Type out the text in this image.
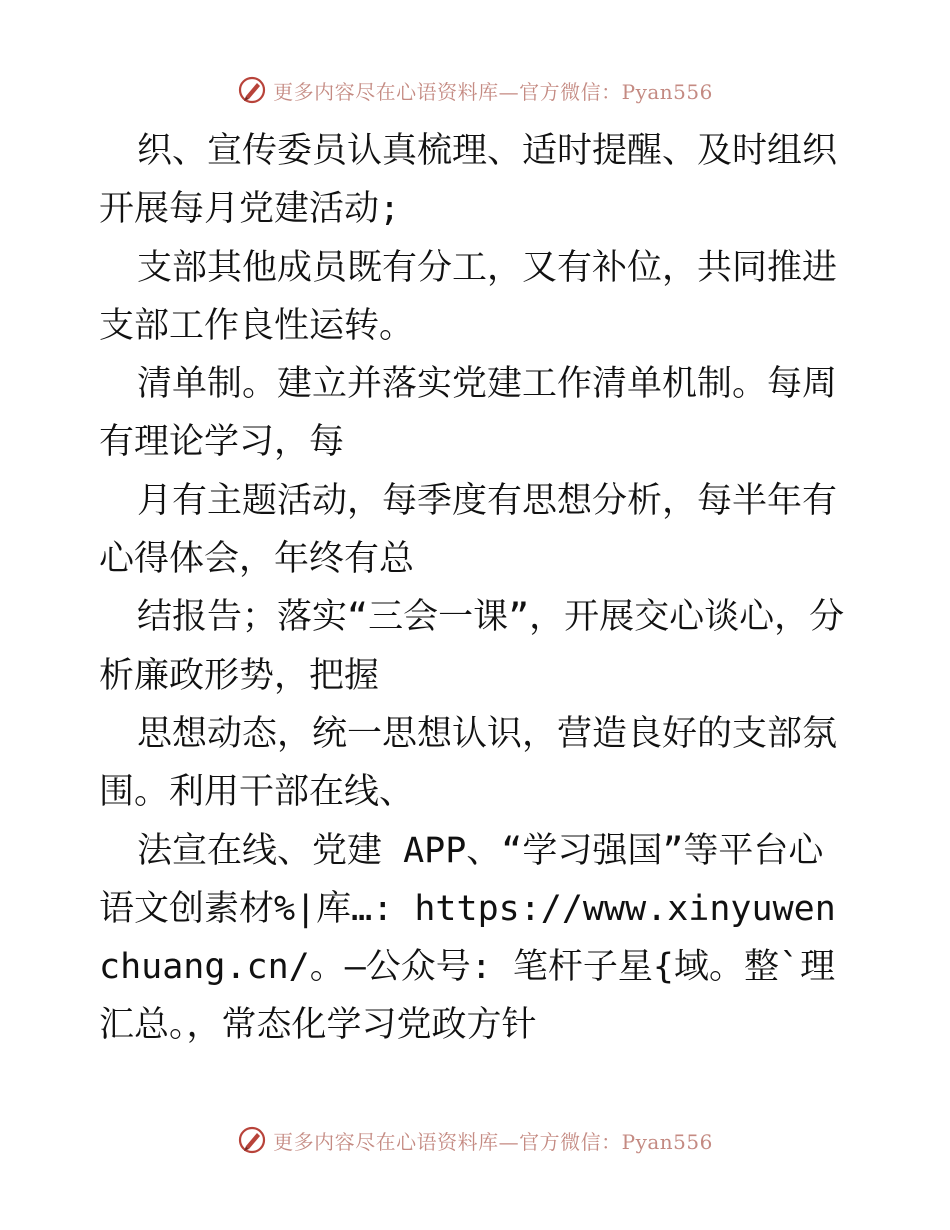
更多内容尽在心语资料库—官方微信：Pyan556

织、宣传委员认真梳理、适时提醒、及时组织开展每月党建活动;

支部其他成员既有分工，又有补位，共同推进支部工作良性运转。

清单制。建立并落实党建工作清单机制。每周有理论学习，每

月有主题活动，每季度有思想分析，每半年有心得体会，年终有总

结报告；落实“三会一课”，开展交心谈心，分析廉政形势，把握

思想动态，统一思想认识，营造良好的支部氛围。利用干部在线、

法宣在线、党建 APP、“学习强国”等平台心语文创素材%|库…: https://www.xinyuwenchuang.cn/。—公众号: 笔杆子星{域。整`理汇总。，常态化学习党政方针

更多内容尽在心语资料库—官方微信：Pyan556
